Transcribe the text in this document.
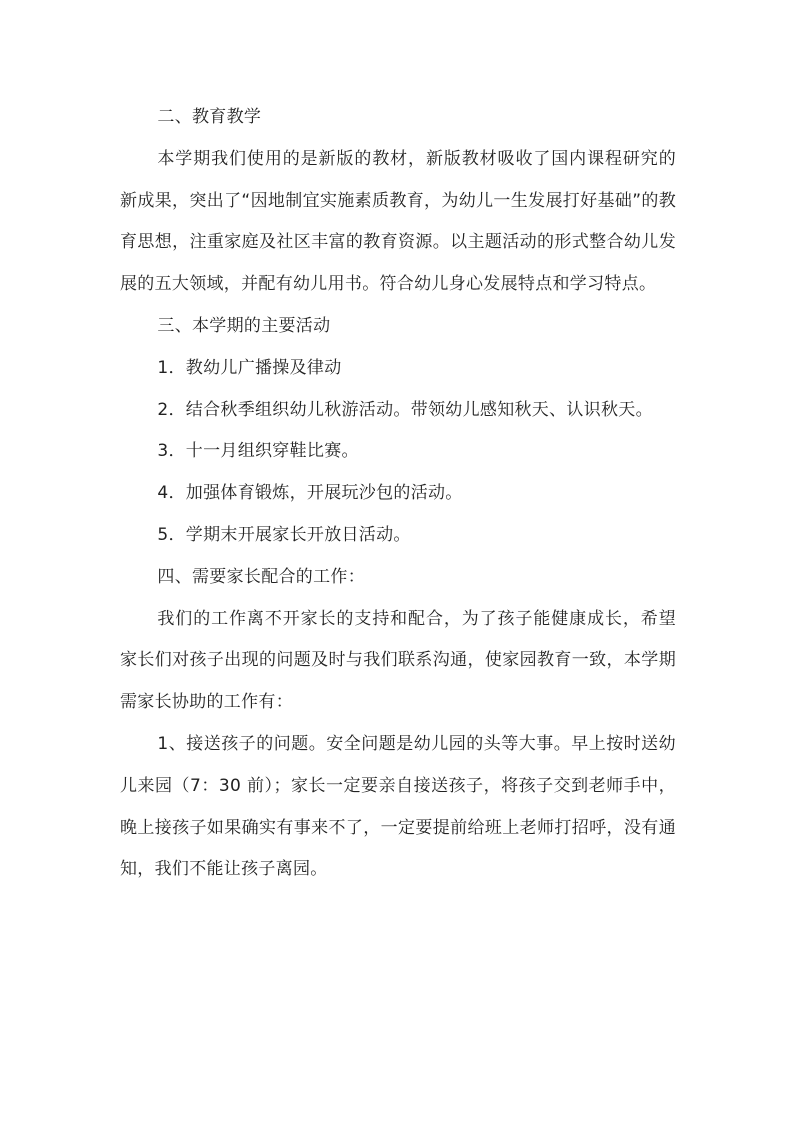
二、教育教学

本学期我们使用的是新版的教材，新版教材吸收了国内课程研究的新成果，突出了“因地制宜实施素质教育，为幼儿一生发展打好基础”的教育思想，注重家庭及社区丰富的教育资源。以主题活动的形式整合幼儿发展的五大领域，并配有幼儿用书。符合幼儿身心发展特点和学习特点。

三、本学期的主要活动

1．教幼儿广播操及律动

2．结合秋季组织幼儿秋游活动。带领幼儿感知秋天、认识秋天。

3．十一月组织穿鞋比赛。

4．加强体育锻炼，开展玩沙包的活动。

5．学期末开展家长开放日活动。

四、需要家长配合的工作：

我们的工作离不开家长的支持和配合，为了孩子能健康成长，希望家长们对孩子出现的问题及时与我们联系沟通，使家园教育一致，本学期需家长协助的工作有：

1、接送孩子的问题。安全问题是幼儿园的头等大事。早上按时送幼儿来园（7：30 前）；家长一定要亲自接送孩子，将孩子交到老师手中，晚上接孩子如果确实有事来不了，一定要提前给班上老师打招呼，没有通知，我们不能让孩子离园。
